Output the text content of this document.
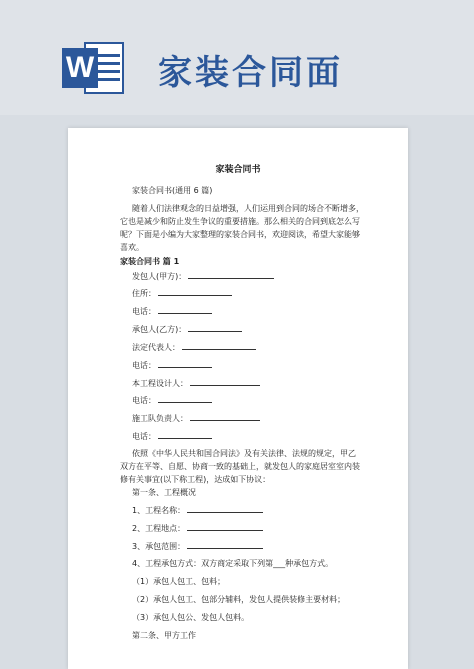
W 家装合同面
家装合同书
家装合同书(通用 6 篇)
随着人们法律观念的日益增强，人们运用到合同的场合不断增多，
它也是减少和防止发生争议的重要措施。那么相关的合同到底怎么写
呢？下面是小编为大家整理的家装合同书，欢迎阅读，希望大家能够
喜欢。
家装合同书 篇 1
发包人(甲方)：
住所：
电话：
承包人(乙方)：
法定代表人：
电话：
本工程设计人：
电话：
施工队负责人：
电话：
依照《中华人民共和国合同法》及有关法律、法规的规定，甲乙
双方在平等、自愿、协商一致的基础上，就发包人的家庭居室室内装
修有关事宜(以下称工程)，达成如下协议：
第一条、工程概况
1、工程名称：
2、工程地点：
3、承包范围：
4、工程承包方式：双方商定采取下列第___种承包方式。
（1）承包人包工、包料；
（2）承包人包工、包部分辅料，发包人提供装修主要材料；
（3）承包人包公、发包人包料。
第二条、甲方工作
